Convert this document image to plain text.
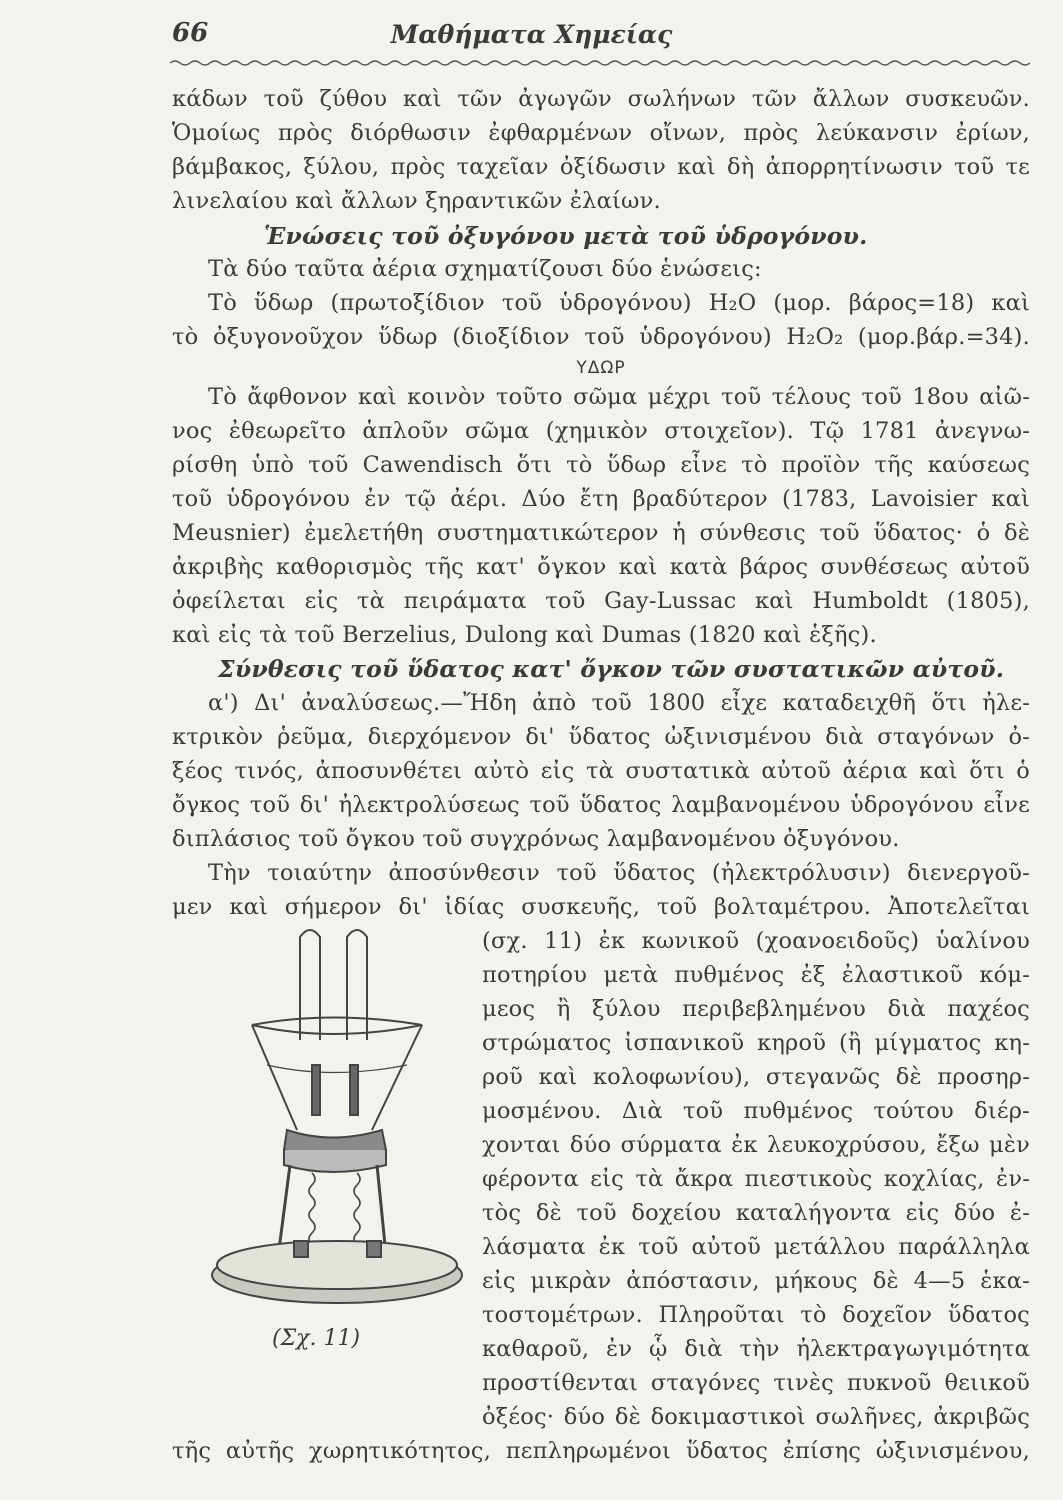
66	Μαθήματα Χημείας
κάδων τοῦ ζύθου καὶ τῶν ἀγωγῶν σωλήνων τῶν ἄλλων συσκευῶν.
Ὁμοίως πρὸς διόρθωσιν ἐφθαρμένων οἴνων, πρὸς λεύκανσιν ἐρίων,
βάμβακος, ξύλου, πρὸς ταχεῖαν ὀξίδωσιν καὶ δὴ ἀπορρητίνωσιν τοῦ τε
λινελαίου καὶ ἄλλων ξηραντικῶν ἐλαίων.
Ἑνώσεις τοῦ ὀξυγόνου μετὰ τοῦ ὑδρογόνου.
Τὰ δύο ταῦτα ἀέρια σχηματίζουσι δύο ἑνώσεις:
Τὸ ὕδωρ (πρωτοξίδιον τοῦ ὑδρογόνου) H₂O (μορ. βάρος=18) καὶ
τὸ ὀξυγονοῦχον ὕδωρ (διοξίδιον τοῦ ὑδρογόνου) H₂O₂ (μορ.βάρ.=34).
ΥΔΩΡ
Τὸ ἄφθονον καὶ κοινὸν τοῦτο σῶμα μέχρι τοῦ τέλους τοῦ 18ου αἰῶ-
νος ἐθεωρεῖτο ἁπλοῦν σῶμα (χημικὸν στοιχεῖον). Τῷ 1781 ἀνεγνω-
ρίσθη ὑπὸ τοῦ Cawendisch ὅτι τὸ ὕδωρ εἶνε τὸ προϊὸν τῆς καύσεως
τοῦ ὑδρογόνου ἐν τῷ ἀέρι. Δύο ἔτη βραδύτερον (1783, Lavoisier καὶ
Meusnier) ἐμελετήθη συστηματικώτερον ἡ σύνθεσις τοῦ ὕδατος· ὁ δὲ
ἀκριβὴς καθορισμὸς τῆς κατ' ὄγκον καὶ κατὰ βάρος συνθέσεως αὐτοῦ
ὀφείλεται εἰς τὰ πειράματα τοῦ Gay-Lussac καὶ Humboldt (1805),
καὶ εἰς τὰ τοῦ Berzelius, Dulong καὶ Dumas (1820 καὶ ἑξῆς).
Σύνθεσις τοῦ ὕδατος κατ' ὄγκον τῶν συστατικῶν αὐτοῦ.
α') Δι' ἀναλύσεως.—Ἤδη ἀπὸ τοῦ 1800 εἶχε καταδειχθῆ ὅτι ἠλε-
κτρικὸν ῥεῦμα, διερχόμενον δι' ὕδατος ὠξινισμένου διὰ σταγόνων ὀ-
ξέος τινός, ἀποσυνθέτει αὐτὸ εἰς τὰ συστατικὰ αὐτοῦ ἀέρια καὶ ὅτι ὁ
ὄγκος τοῦ δι' ἠλεκτρολύσεως τοῦ ὕδατος λαμβανομένου ὑδρογόνου εἶνε
διπλάσιος τοῦ ὄγκου τοῦ συγχρόνως λαμβανομένου ὀξυγόνου.
Τὴν τοιαύτην ἀποσύνθεσιν τοῦ ὕδατος (ἠλεκτρόλυσιν) διενεργοῦ-
μεν καὶ σήμερον δι' ἰδίας συσκευῆς, τοῦ βολταμέτρου. Ἀποτελεῖται
(σχ. 11) ἐκ κωνικοῦ (χοανοειδοῦς) ὑαλίνου
ποτηρίου μετὰ πυθμένος ἐξ ἐλαστικοῦ κόμ-
μεος ἢ ξύλου περιβεβλημένου διὰ παχέος
στρώματος ἱσπανικοῦ κηροῦ (ἢ μίγματος κη-
ροῦ καὶ κολοφωνίου), στεγανῶς δὲ προσηρ-
μοσμένου. Διὰ τοῦ πυθμένος τούτου διέρ-
χονται δύο σύρματα ἐκ λευκοχρύσου, ἔξω μὲν
φέροντα εἰς τὰ ἄκρα πιεστικοὺς κοχλίας, ἐν-
τὸς δὲ τοῦ δοχείου καταλήγοντα εἰς δύο ἐ-
λάσματα ἐκ τοῦ αὐτοῦ μετάλλου παράλληλα
εἰς μικρὰν ἀπόστασιν, μήκους δὲ 4—5 ἑκα-
τοστομέτρων. Πληροῦται τὸ δοχεῖον ὕδατος
καθαροῦ, ἐν ᾧ διὰ τὴν ἠλεκτραγωγιμότητα
προστίθενται σταγόνες τινὲς πυκνοῦ θειικοῦ
ὀξέος· δύο δὲ δοκιμαστικοὶ σωλῆνες, ἀκριβῶς
τῆς αὐτῆς χωρητικότητος, πεπληρωμένοι ὕδατος ἐπίσης ὠξινισμένου,
(Σχ. 11)
